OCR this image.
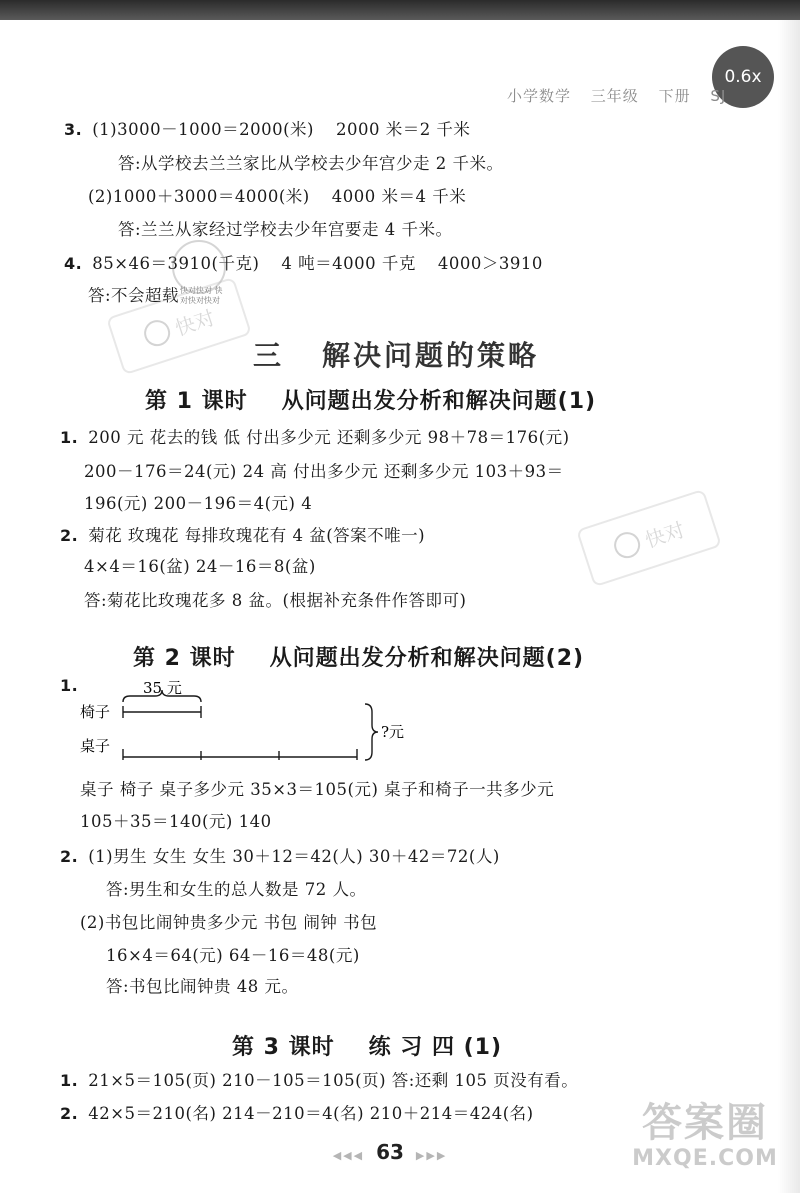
0.6x
小学数学 三年级 下册 SJ
3. (1)3000－1000＝2000(米) 2000 米＝2 千米
答:从学校去兰兰家比从学校去少年宫少走 2 千米。
(2)1000＋3000＝4000(米) 4000 米＝4 千米
答:兰兰从家经过学校去少年宫要走 4 千米。
4. 85×46＝3910(千克) 4 吨＝4000 千克 4000＞3910
答:不会超载 快对快对 快对快对快对
快对
快对
三 解决问题的策略
第 1 课时 从问题出发分析和解决问题(1)
1. 200 元 花去的钱 低 付出多少元 还剩多少元 98＋78＝176(元)
200－176＝24(元) 24 高 付出多少元 还剩多少元 103＋93＝
196(元) 200－196＝4(元) 4
2. 菊花 玫瑰花 每排玫瑰花有 4 盆(答案不唯一)
4×4＝16(盆) 24－16＝8(盆)
答:菊花比玫瑰花多 8 盆。(根据补充条件作答即可)
第 2 课时 从问题出发分析和解决问题(2)
1.	35 元
椅子
桌子
?元
桌子 椅子 桌子多少元 35×3＝105(元) 桌子和椅子一共多少元
105＋35＝140(元) 140
2. (1)男生 女生 女生 30＋12＝42(人) 30＋42＝72(人)
答:男生和女生的总人数是 72 人。
(2)书包比闹钟贵多少元 书包 闹钟 书包
16×4＝64(元) 64－16＝48(元)
答:书包比闹钟贵 48 元。
第 3 课时 练 习 四 (1)
1. 21×5＝105(页) 210－105＝105(页) 答:还剩 105 页没有看。
2. 42×5＝210(名) 214－210＝4(名) 210＋214＝424(名)
◀◀◀ 63 ▶▶▶
答案圈
MXQE.COM
